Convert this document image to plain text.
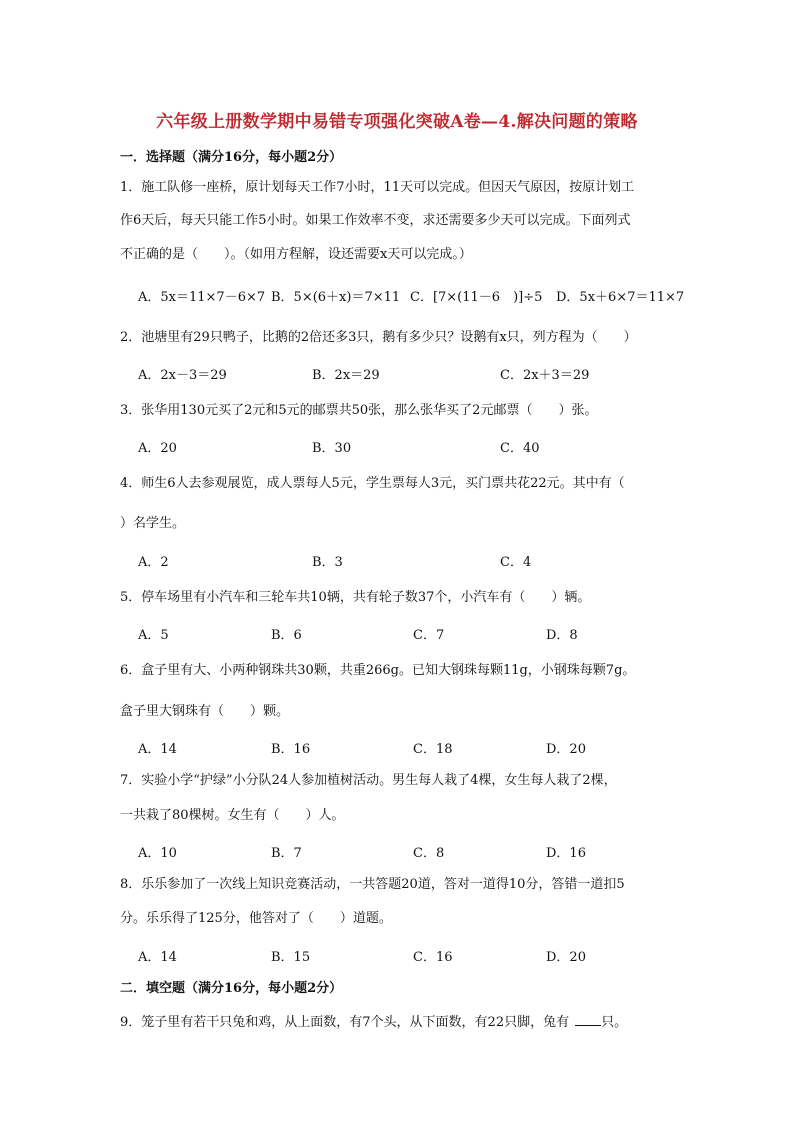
六年级上册数学期中易错专项强化突破A卷—4.解决问题的策略
一．选择题（满分16分，每小题2分）
1．施工队修一座桥，原计划每天工作7小时，11天可以完成。但因天气原因，按原计划工
作6天后，每天只能工作5小时。如果工作效率不变，求还需要多少天可以完成。下面列式
不正确的是（　　）。（如用方程解，设还需要x天可以完成。）
A．5x＝11×7－6×7 B．5×(6＋x)＝7×11 C．[7×(11－6　)]÷5 D．5x＋6×7＝11×7
2．池塘里有29只鸭子，比鹅的2倍还多3只，鹅有多少只？设鹅有x只，列方程为（　　）
A．2x－3＝29	B．2x＝29	C．2x＋3＝29
3．张华用130元买了2元和5元的邮票共50张，那么张华买了2元邮票（　　）张。
A．20	B．30	C．40
4．师生6人去参观展览，成人票每人5元，学生票每人3元，买门票共花22元。其中有（
）名学生。
A．2	B．3	C．4
5．停车场里有小汽车和三轮车共10辆，共有轮子数37个，小汽车有（　　）辆。
A．5	B．6	C．7	D．8
6．盒子里有大、小两种钢珠共30颗，共重266g。已知大钢珠每颗11g，小钢珠每颗7g。
盒子里大钢珠有（　　）颗。
A．14	B．16	C．18	D．20
7．实验小学“护绿”小分队24人参加植树活动。男生每人栽了4棵，女生每人栽了2棵，
一共栽了80棵树。女生有（　　）人。
A．10	B．7	C．8	D．16
8．乐乐参加了一次线上知识竞赛活动，一共答题20道，答对一道得10分，答错一道扣5
分。乐乐得了125分，他答对了（　　）道题。
A．14	B．15	C．16	D．20
二．填空题（满分16分，每小题2分）
9．笼子里有若干只兔和鸡，从上面数，有7个头，从下面数，有22只脚，兔有 只。
